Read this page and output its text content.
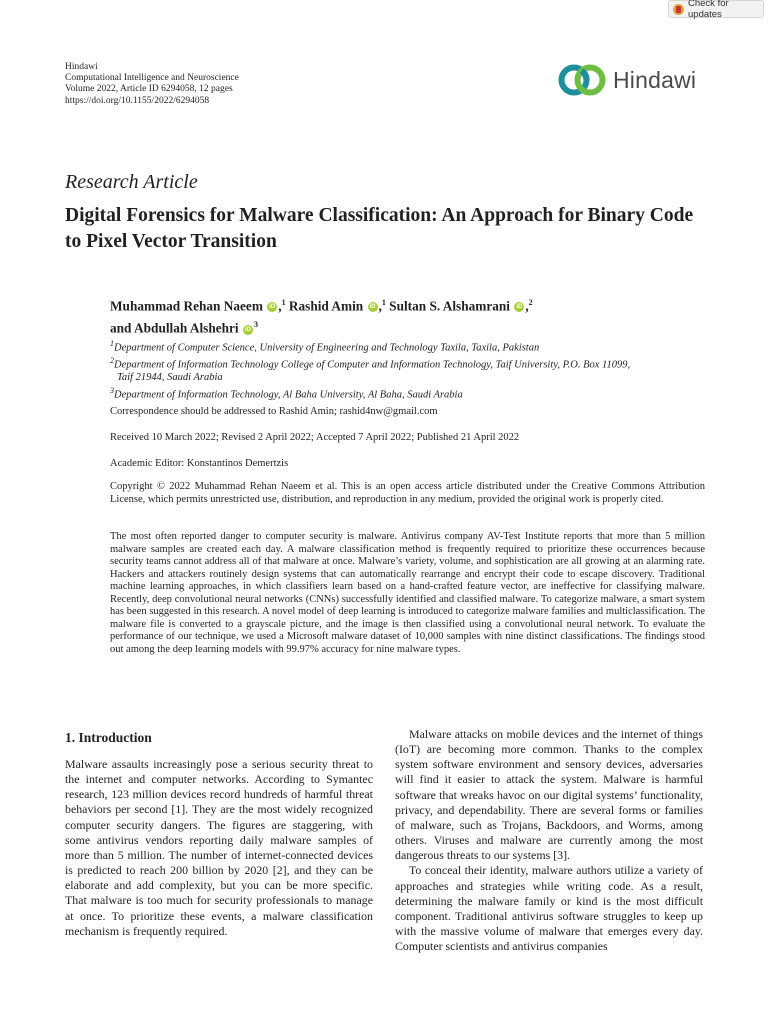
Check for updates
Hindawi
Computational Intelligence and Neuroscience
Volume 2022, Article ID 6294058, 12 pages
https://doi.org/10.1155/2022/6294058
Hindawi
Research Article
Digital Forensics for Malware Classification: An Approach for Binary Code to Pixel Vector Transition
Muhammad Rehan Naeem iD ,$^1$ Rashid Amin iD ,$^1$ Sultan S. Alshamrani iD ,$^2$
and Abdullah Alshehri $iD^3$
$^1$Department of Computer Science, University of Engineering and Technology Taxila, Taxila, Pakistan
$^2$Department of Information Technology College of Computer and Information Technology, Taif University, P.O. Box 11099,
Taif 21944, Saudi Arabia
$^3$Department of Information Technology, Al Baha University, Al Baha, Saudi Arabia
Correspondence should be addressed to Rashid Amin; rashid4nw@gmail.com
Received 10 March 2022; Revised 2 April 2022; Accepted 7 April 2022; Published 21 April 2022
Academic Editor: Konstantinos Demertzis
Copyright © 2022 Muhammad Rehan Naeem et al. This is an open access article distributed under the Creative Commons Attribution License, which permits unrestricted use, distribution, and reproduction in any medium, provided the original work is properly cited.
The most often reported danger to computer security is malware. Antivirus company AV-Test Institute reports that more than 5 million malware samples are created each day. A malware classification method is frequently required to prioritize these occurrences because security teams cannot address all of that malware at once. Malware’s variety, volume, and sophistication are all growing at an alarming rate. Hackers and attackers routinely design systems that can automatically rearrange and encrypt their code to escape discovery. Traditional machine learning approaches, in which classifiers learn based on a hand-crafted feature vector, are ineffective for classifying malware. Recently, deep convolutional neural networks (CNNs) successfully identified and classified malware. To categorize malware, a smart system has been suggested in this research. A novel model of deep learning is introduced to categorize malware families and multiclassification. The malware file is converted to a grayscale picture, and the image is then classified using a convolutional neural network. To evaluate the performance of our technique, we used a Microsoft malware dataset of 10,000 samples with nine distinct classifications. The findings stood out among the deep learning models with 99.97% accuracy for nine malware types.
1. Introduction

Malware assaults increasingly pose a serious security threat to the internet and computer networks. According to Symantec research, 123 million devices record hundreds of harmful threat behaviors per second [1]. They are the most widely recognized computer security dangers. The figures are staggering, with some antivirus vendors reporting daily malware samples of more than 5 million. The number of internet-connected devices is predicted to reach 200 billion by 2020 [2], and they can be elaborate and add complexity, but you can be more specific. That malware is too much for security professionals to manage at once. To prioritize these events, a malware classification mechanism is frequently required.

Malware attacks on mobile devices and the internet of things (IoT) are becoming more common. Thanks to the complex system software environment and sensory devices, adversaries will find it easier to attack the system. Malware is harmful software that wreaks havoc on our digital systems’ functionality, privacy, and dependability. There are several forms or families of malware, such as Trojans, Backdoors, and Worms, among others. Viruses and malware are currently among the most dangerous threats to our systems [3].

To conceal their identity, malware authors utilize a variety of approaches and strategies while writing code. As a result, determining the malware family or kind is the most difficult component. Traditional antivirus software struggles to keep up with the massive volume of malware that emerges every day. Computer scientists and antivirus companies
